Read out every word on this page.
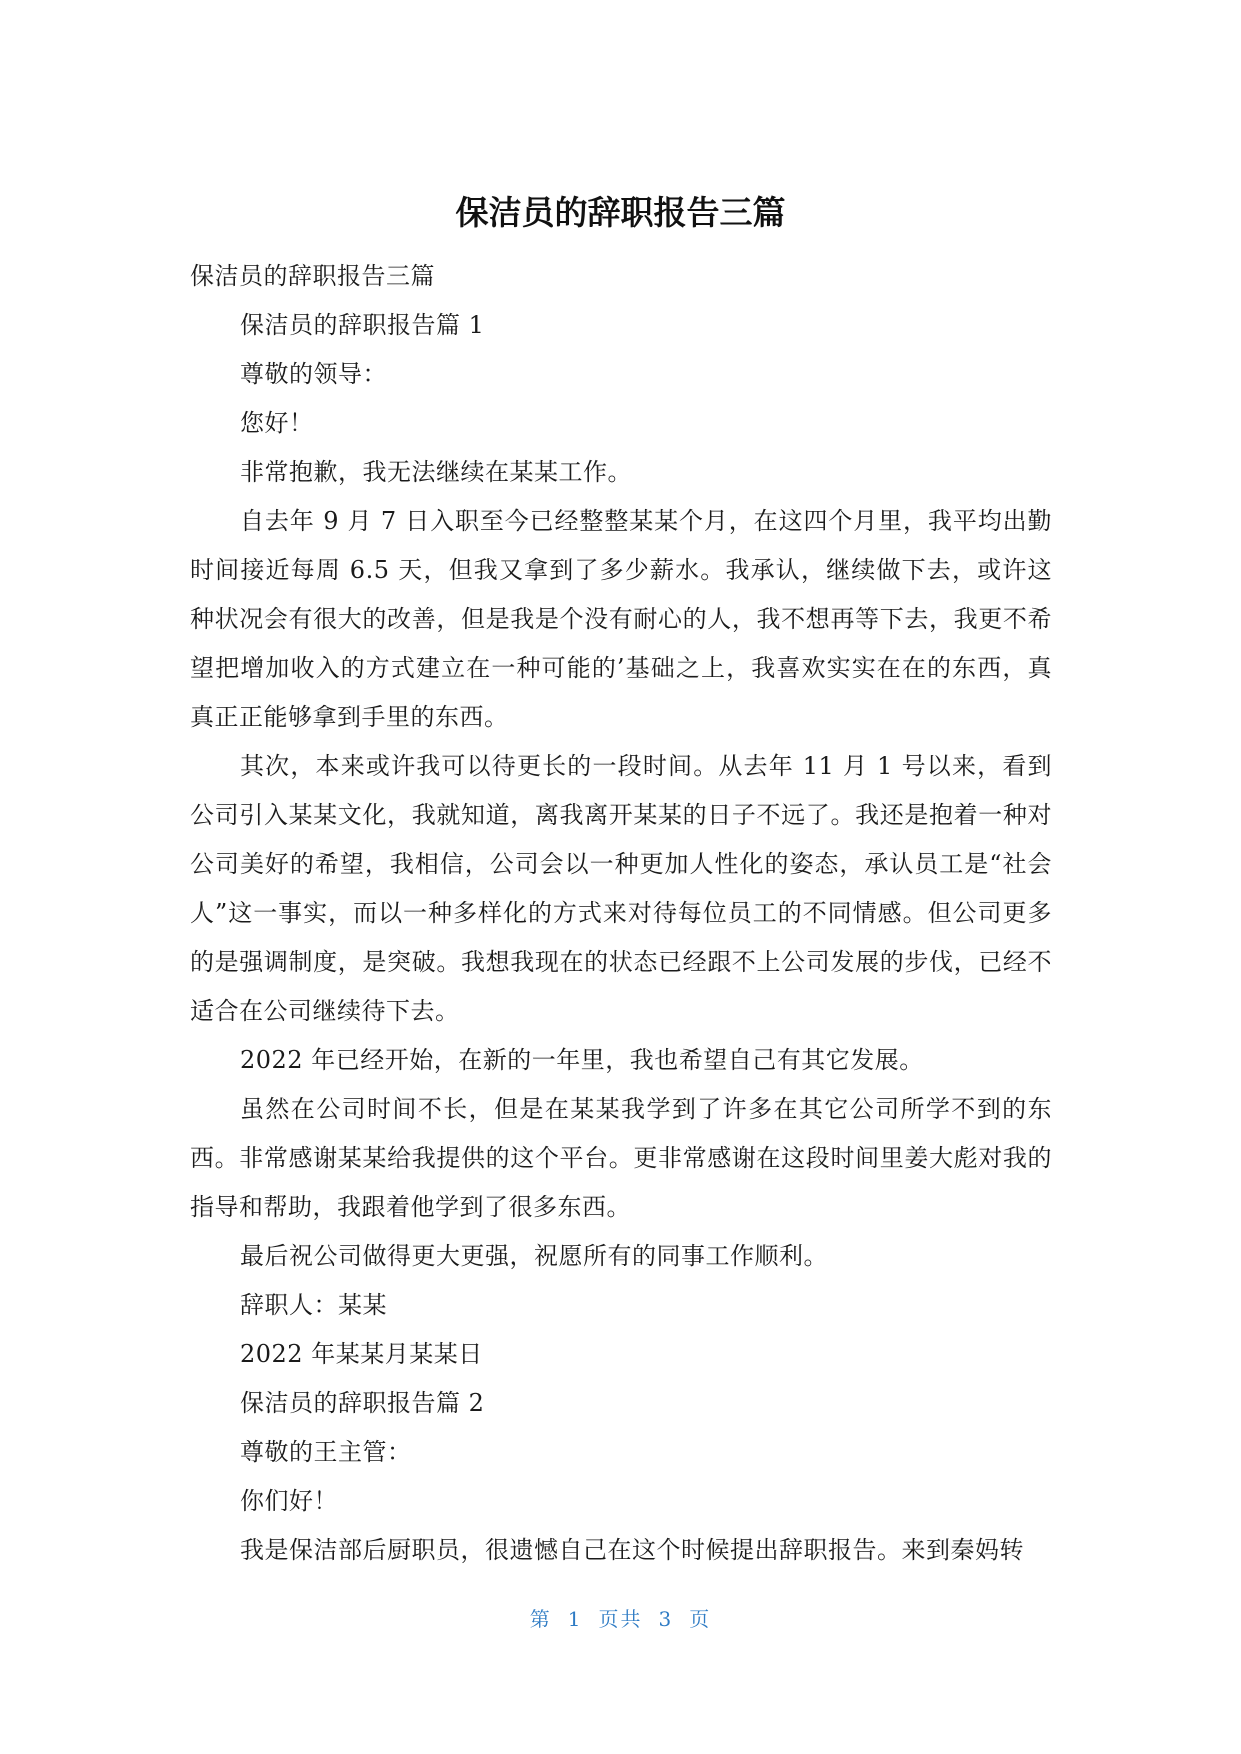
保洁员的辞职报告三篇

保洁员的辞职报告三篇

保洁员的辞职报告篇 1

尊敬的领导：

您好！

非常抱歉，我无法继续在某某工作。

自去年 9 月 7 日入职至今已经整整某某个月，在这四个月里，我平均出勤时间接近每周 6.5 天，但我又拿到了多少薪水。我承认，继续做下去，或许这种状况会有很大的改善，但是我是个没有耐心的人，我不想再等下去，我更不希望把增加收入的方式建立在一种可能的’基础之上，我喜欢实实在在的东西，真真正正能够拿到手里的东西。

其次，本来或许我可以待更长的一段时间。从去年 11 月 1 号以来，看到公司引入某某文化，我就知道，离我离开某某的日子不远了。我还是抱着一种对公司美好的希望，我相信，公司会以一种更加人性化的姿态，承认员工是“社会人”这一事实，而以一种多样化的方式来对待每位员工的不同情感。但公司更多的是强调制度，是突破。我想我现在的状态已经跟不上公司发展的步伐，已经不适合在公司继续待下去。

2022 年已经开始，在新的一年里，我也希望自己有其它发展。

虽然在公司时间不长，但是在某某我学到了许多在其它公司所学不到的东西。非常感谢某某给我提供的这个平台。更非常感谢在这段时间里姜大彪对我的指导和帮助，我跟着他学到了很多东西。

最后祝公司做得更大更强，祝愿所有的同事工作顺利。

辞职人：某某

2022 年某某月某某日

保洁员的辞职报告篇 2

尊敬的王主管：

你们好！

我是保洁部后厨职员，很遗憾自己在这个时候提出辞职报告。来到秦妈转

第 1 页共 3 页
